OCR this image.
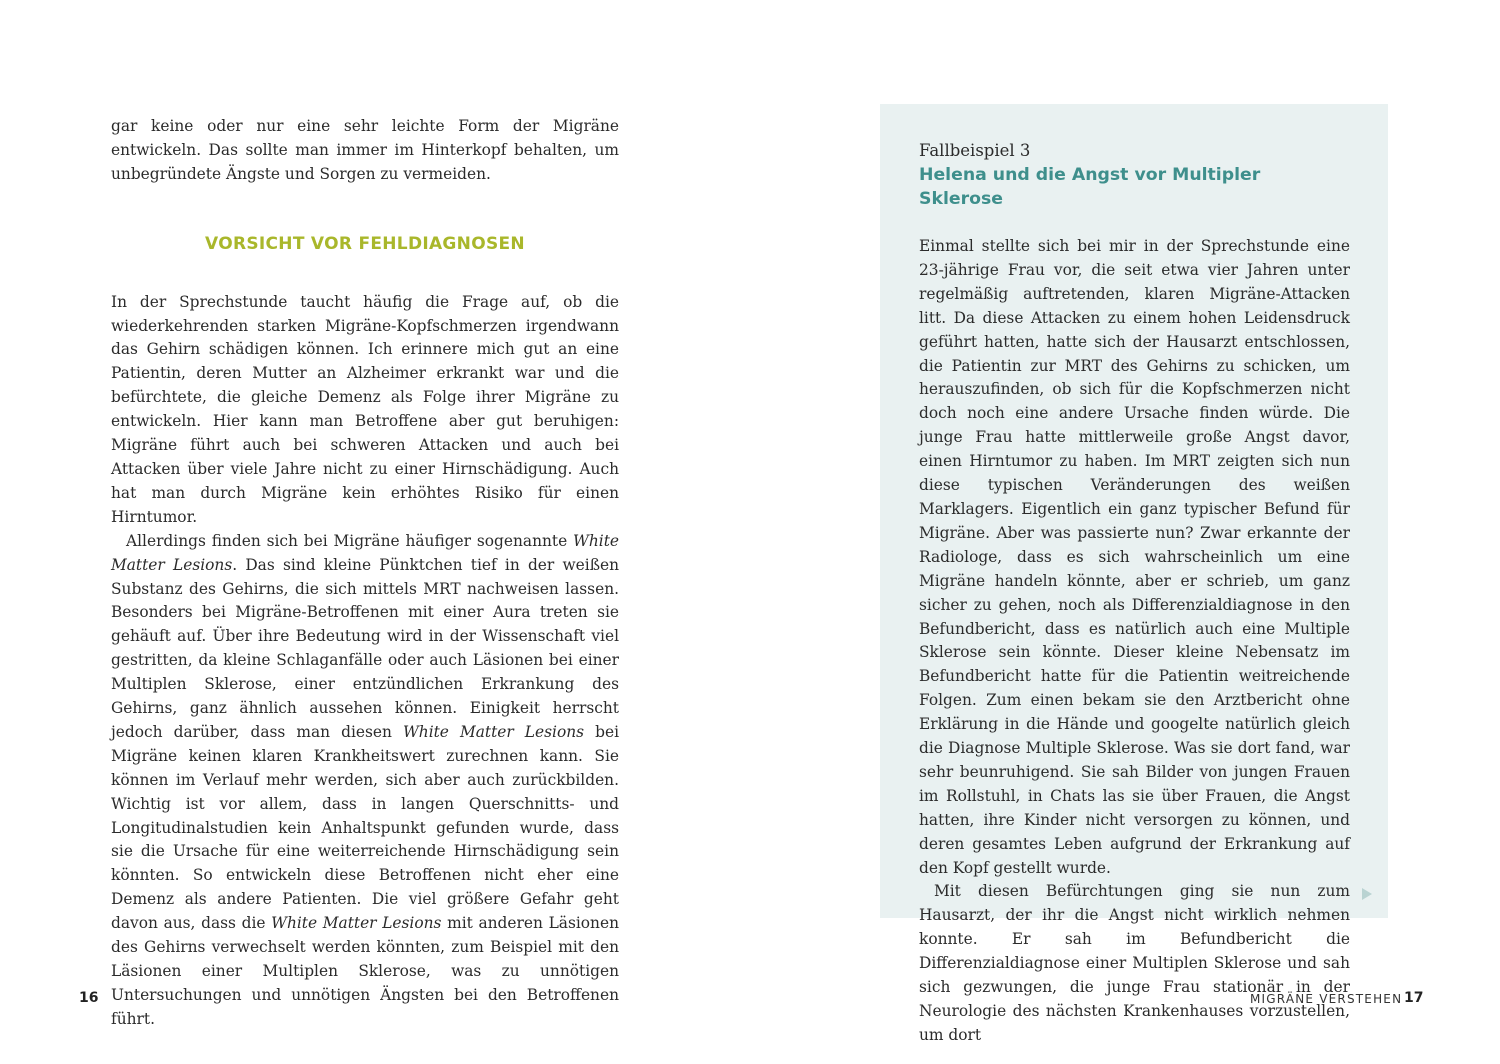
gar keine oder nur eine sehr leichte Form der Migräne entwickeln. Das sollte man immer im Hinterkopf behalten, um unbegründete Ängste und Sorgen zu vermeiden.

VORSICHT VOR FEHLDIAGNOSEN

In der Sprechstunde taucht häufig die Frage auf, ob die wiederkehrenden starken Migräne-Kopfschmerzen irgendwann das Gehirn schädigen können. Ich erinnere mich gut an eine Patientin, deren Mutter an Alzheimer erkrankt war und die befürchtete, die gleiche Demenz als Folge ihrer Migräne zu entwickeln. Hier kann man Betroffene aber gut beruhigen: Migräne führt auch bei schweren Attacken und auch bei Attacken über viele Jahre nicht zu einer Hirnschädigung. Auch hat man durch Migräne kein erhöhtes Risiko für einen Hirntumor.

Allerdings finden sich bei Migräne häufiger sogenannte White Matter Lesions. Das sind kleine Pünktchen tief in der weißen Substanz des Gehirns, die sich mittels MRT nachweisen lassen. Besonders bei Migräne-Betroffenen mit einer Aura treten sie gehäuft auf. Über ihre Bedeutung wird in der Wissenschaft viel gestritten, da kleine Schlaganfälle oder auch Läsionen bei einer Multiplen Sklerose, einer entzündlichen Erkrankung des Gehirns, ganz ähnlich aussehen können. Einigkeit herrscht jedoch darüber, dass man diesen White Matter Lesions bei Migräne keinen klaren Krankheitswert zurechnen kann. Sie können im Verlauf mehr werden, sich aber auch zurückbilden. Wichtig ist vor allem, dass in langen Querschnitts- und Longitudinalstudien kein Anhaltspunkt gefunden wurde, dass sie die Ursache für eine weiterreichende Hirnschädigung sein könnten. So entwickeln diese Betroffenen nicht eher eine Demenz als andere Patienten. Die viel größere Gefahr geht davon aus, dass die White Matter Lesions mit anderen Läsionen des Gehirns verwechselt werden könnten, zum Beispiel mit den Läsionen einer Multiplen Sklerose, was zu unnötigen Untersuchungen und unnötigen Ängsten bei den Betroffenen führt.

Fallbeispiel 3
Helena und die Angst vor Multipler Sklerose

Einmal stellte sich bei mir in der Sprechstunde eine 23-jährige Frau vor, die seit etwa vier Jahren unter regelmäßig auftretenden, klaren Migräne-Attacken litt. Da diese Attacken zu einem hohen Leidensdruck geführt hatten, hatte sich der Hausarzt entschlossen, die Patientin zur MRT des Gehirns zu schicken, um herauszufinden, ob sich für die Kopfschmerzen nicht doch noch eine andere Ursache finden würde. Die junge Frau hatte mittlerweile große Angst davor, einen Hirntumor zu haben. Im MRT zeigten sich nun diese typischen Veränderungen des weißen Marklagers. Eigentlich ein ganz typischer Befund für Migräne. Aber was passierte nun? Zwar erkannte der Radiologe, dass es sich wahrscheinlich um eine Migräne handeln könnte, aber er schrieb, um ganz sicher zu gehen, noch als Differenzialdiagnose in den Befundbericht, dass es natürlich auch eine Multiple Sklerose sein könnte. Dieser kleine Nebensatz im Befundbericht hatte für die Patientin weitreichende Folgen. Zum einen bekam sie den Arztbericht ohne Erklärung in die Hände und googelte natürlich gleich die Diagnose Multiple Sklerose. Was sie dort fand, war sehr beunruhigend. Sie sah Bilder von jungen Frauen im Rollstuhl, in Chats las sie über Frauen, die Angst hatten, ihre Kinder nicht versorgen zu können, und deren gesamtes Leben aufgrund der Erkrankung auf den Kopf gestellt wurde.

Mit diesen Befürchtungen ging sie nun zum Hausarzt, der ihr die Angst nicht wirklich nehmen konnte. Er sah im Befundbericht die Differenzialdiagnose einer Multiplen Sklerose und sah sich gezwungen, die junge Frau stationär in der Neurologie des nächsten Krankenhauses vorzustellen, um dort

16	MIGRÄNE VERSTEHEN 17
